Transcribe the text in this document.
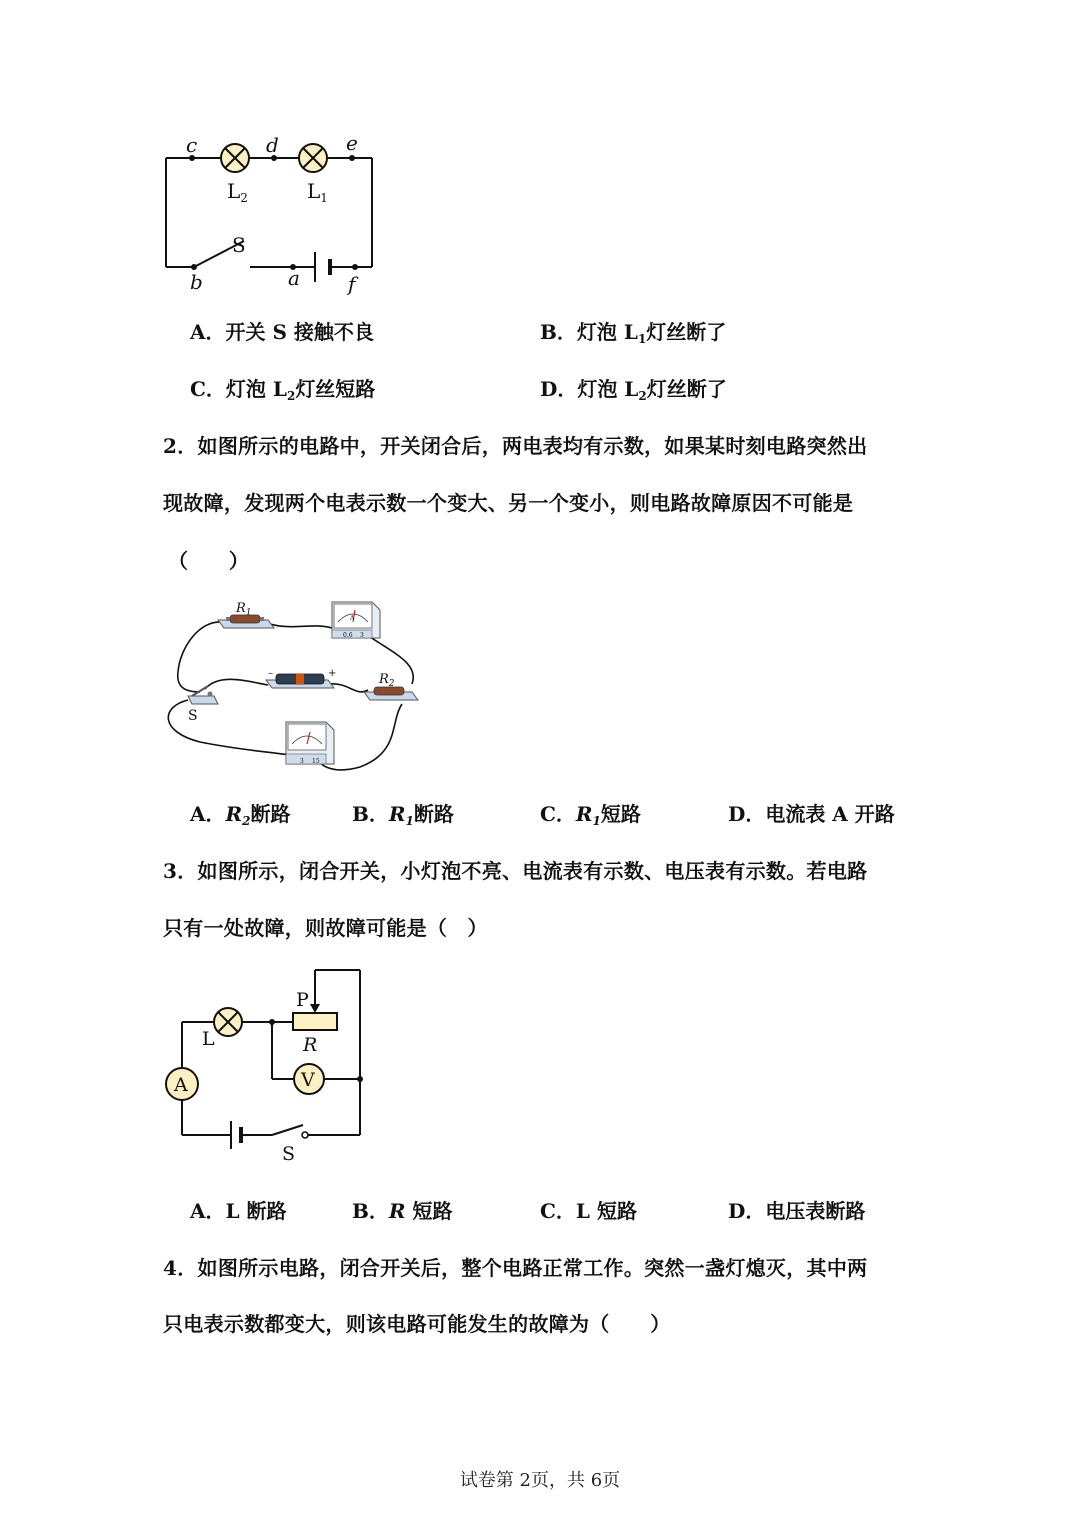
c	d	e
b	a f
$L_2$	$L_1$
S
A．开关 S 接触不良	B．灯泡 $L_1$灯丝断了
C．灯泡 $L_2$灯丝短路	D．灯泡 $L_2$灯丝断了
2．如图所示的电路中，开关闭合后，两电表均有示数，如果某时刻电路突然出
现故障，发现两个电表示数一个变大、另一个变小，则电路故障原因不可能是
（　　）
$R_1$
A
0.6 3
–	+	$R_2$
S
3 15
A．$R_2$断路	B．$R_1$断路	C．$R_1$短路	D．电流表 A 开路
3．如图所示，闭合开关，小灯泡不亮、电流表有示数、电压表有示数。若电路
只有一处故障，则故障可能是（　）
A	V
L
P
R
S
A．L 断路	B．R 短路	C．L 短路	D．电压表断路
4．如图所示电路，闭合开关后，整个电路正常工作。突然一盏灯熄灭，其中两
只电表示数都变大，则该电路可能发生的故障为（　　）
试卷第 2页，共 6页
